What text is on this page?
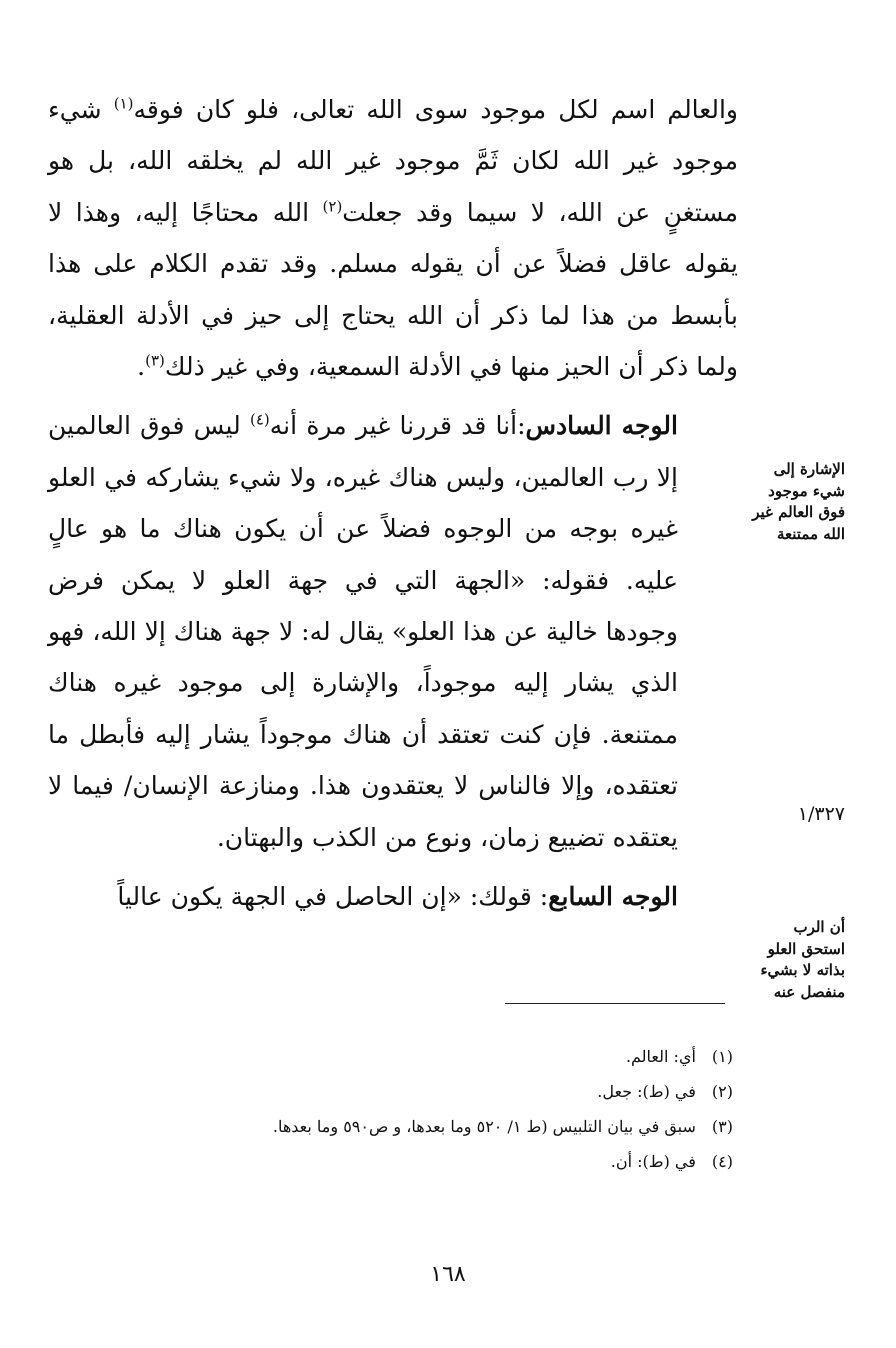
والعالم اسم لكل موجود سوى الله تعالى، فلو كان فوقه$^{(١)}$ شيء موجود غير الله لكان ثَمَّ موجود غير الله لم يخلقه الله، بل هو مستغنٍ عن الله، لا سيما وقد جعلت$^{(٢)}$ الله محتاجًا إليه، وهذا لا يقوله عاقل فضلاً عن أن يقوله مسلم. وقد تقدم الكلام على هذا بأبسط من هذا لما ذكر أن الله يحتاج إلى حيز في الأدلة العقلية، ولما ذكر أن الحيز منها في الأدلة السمعية، وفي غير ذلك$^{(٣)}$.

الوجه السادس:أنا قد قررنا غير مرة أنه$^{(٤)}$ ليس فوق العالمين إلا رب العالمين، وليس هناك غيره، ولا شيء يشاركه في العلو غيره بوجه من الوجوه فضلاً عن أن يكون هناك ما هو عالٍ عليه. فقوله: «الجهة التي في جهة العلو لا يمكن فرض وجودها خالية عن هذا العلو» يقال له: لا جهة هناك إلا الله، فهو الذي يشار إليه موجوداً، والإشارة إلى موجود غيره هناك ممتنعة. فإن كنت تعتقد أن هناك موجوداً يشار إليه فأبطل ما تعتقده، وإلا فالناس لا يعتقدون هذا. ومنازعة الإنسان/ فيما لا يعتقده تضييع زمان، ونوع من الكذب والبهتان.

الوجه السابع: قولك: «إن الحاصل في الجهة يكون عالياً

الإشارة إلى شيء موجود فوق العالم غير الله ممتنعة
١/٣٢٧
أن الرب استحق العلو بذاته لا بشيء منفصل عنه
(١) أي: العالم.
(٢) في (ط): جعل.
(٣) سبق في بيان التلبيس (ط ١/ ٥٢٠ وما بعدها، و ص٥٩٠ وما بعدها.
(٤) في (ط): أن.
١٦٨
